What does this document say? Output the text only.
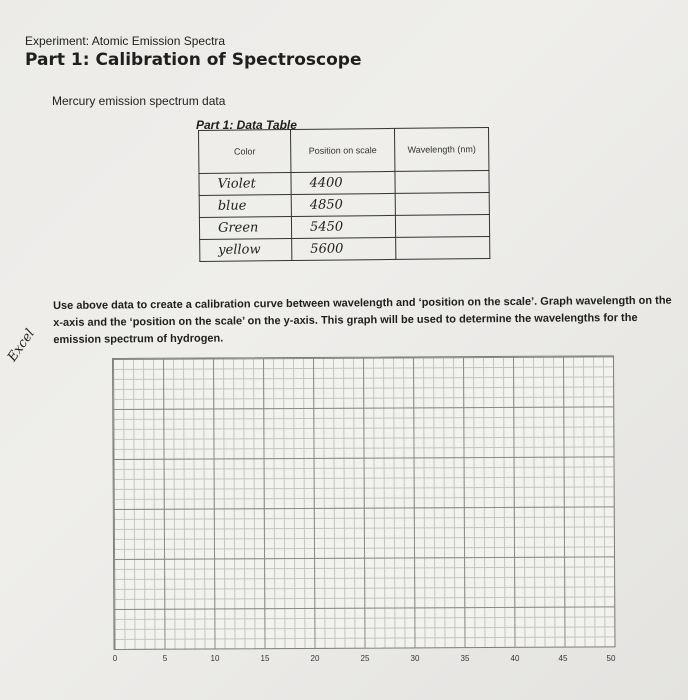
Experiment: Atomic Emission Spectra
Part 1: Calibration of Spectroscope
Mercury emission spectrum data
Part 1: Data Table
Color	Position on scale	Wavelength (nm)
Violet	4400	
blue	4850	
Green	5450	
yellow	5600	
Use above data to create a calibration curve between wavelength and ‘position on the scale’. Graph wavelength on the x-axis and the ‘position on the scale’ on the y-axis. This graph will be used to determine the wavelengths for the emission spectrum of hydrogen.
Excel
0	5	10	15	20	25	30	35	40	45	50
